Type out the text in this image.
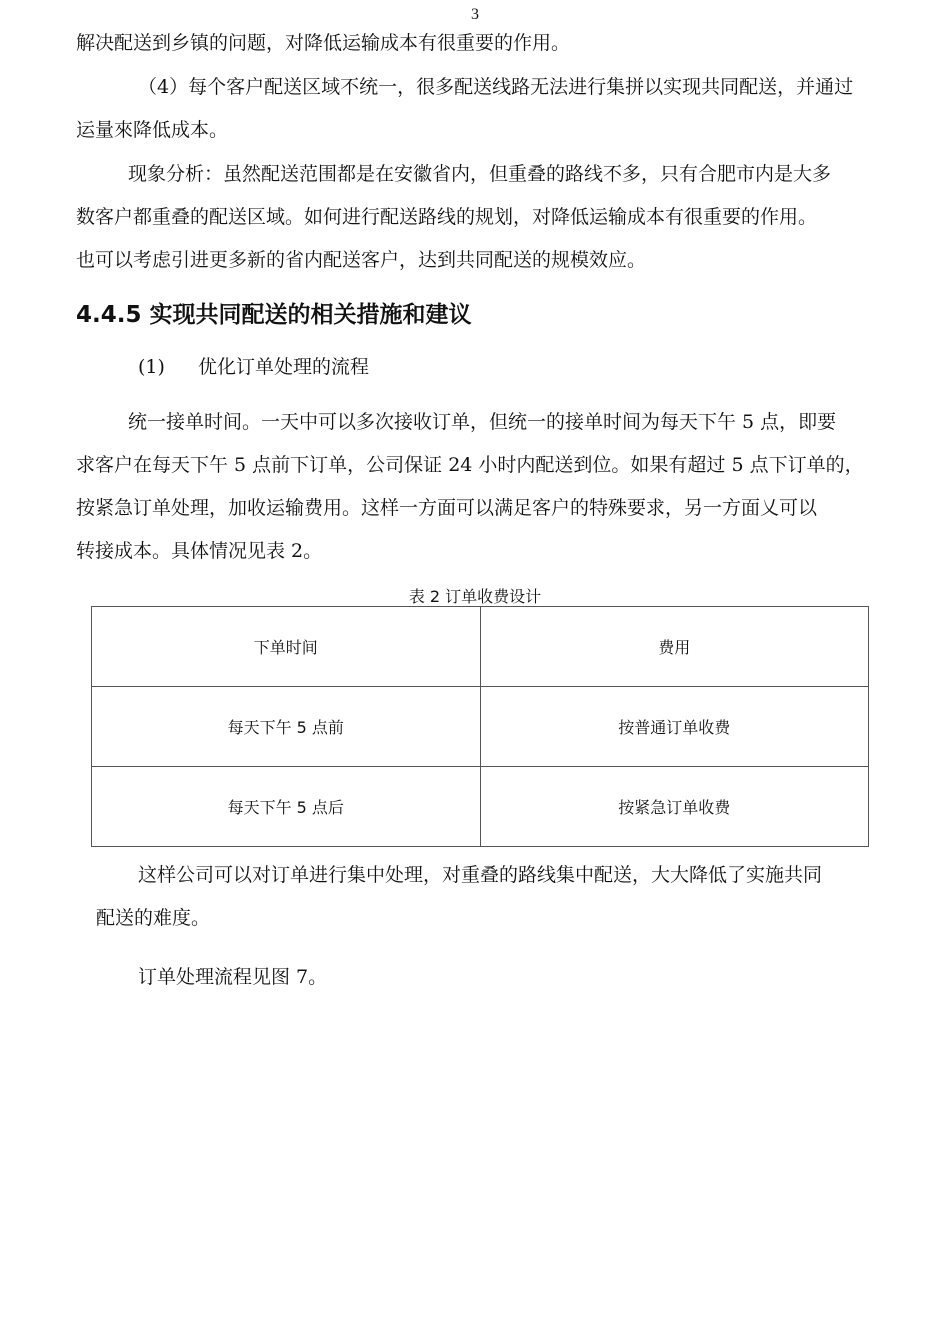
3

解决配送到乡镇的问题，对降低运输成本有很重要的作用。

（4）每个客户配送区域不统一，很多配送线路无法进行集拼以实现共同配送，并通过
运量來降低成本。

现象分析：虽然配送范围都是在安徽省内，但重叠的路线不多，只有合肥市内是大多
数客户都重叠的配送区域。如何进行配送路线的规划，对降低运输成本有很重要的作用。
也可以考虑引进更多新的省内配送客户，达到共同配送的规模效应。

4.4.5 实现共同配送的相关措施和建议
(1) 优化订单处理的流程

统一接单时间。一天中可以多次接收订单，但统一的接单时间为每天下午 5 点，即要
求客户在每天下午 5 点前下订单，公司保证 24 小时内配送到位。如果有超过 5 点下订单的，
按紧急订单处理，加收运输费用。这样一方面可以满足客户的特殊要求，另一方面乂可以
转接成本。具体情况见表 2。

表 2 订单收费设计
下单时间	费用
每天下午 5 点前	按普通订单收费
每天下午 5 点后	按紧急订单收费

这样公司可以对订单进行集中处理，对重叠的路线集中配送，大大降低了实施共同
配送的难度。

订单处理流程见图 7。
